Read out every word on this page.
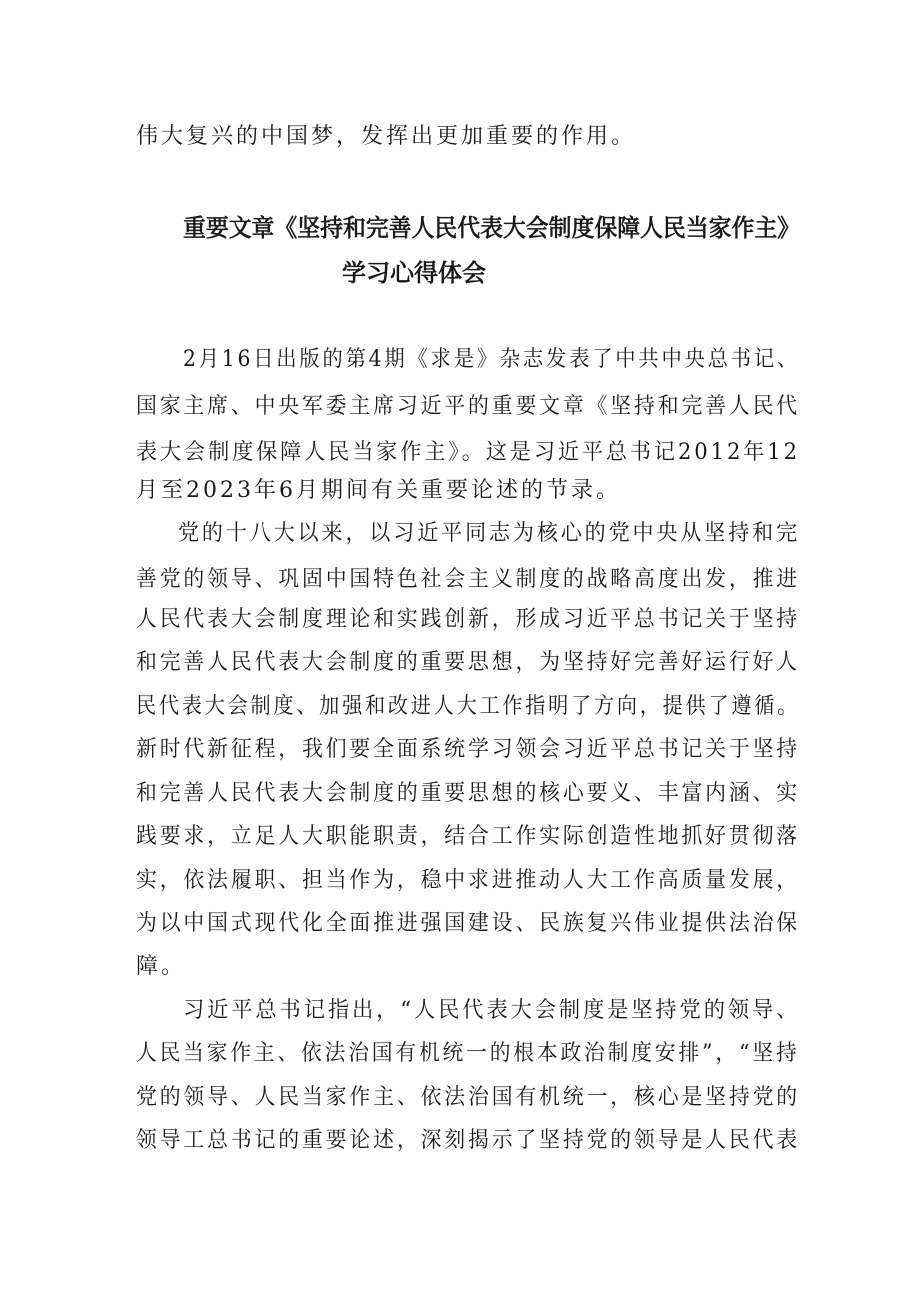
伟大复兴的中国梦，发挥出更加重要的作用。
重要文章《坚持和完善人民代表大会制度保障人民当家作主》
学习心得体会
2月16日出版的第4期《求是》杂志发表了中共中央总书记、
国家主席、中央军委主席习近平的重要文章《坚持和完善人民代
表大会制度保障人民当家作主》。这是习近平总书记2012年12
月至2023年6月期间有关重要论述的节录。
党的十八大以来，以习近平同志为核心的党中央从坚持和完
善党的领导、巩固中国特色社会主义制度的战略高度出发，推进
人民代表大会制度理论和实践创新，形成习近平总书记关于坚持
和完善人民代表大会制度的重要思想，为坚持好完善好运行好人
民代表大会制度、加强和改进人大工作指明了方向，提供了遵循。
新时代新征程，我们要全面系统学习领会习近平总书记关于坚持
和完善人民代表大会制度的重要思想的核心要义、丰富内涵、实
践要求，立足人大职能职责，结合工作实际创造性地抓好贯彻落
实，依法履职、担当作为，稳中求进推动人大工作高质量发展，
为以中国式现代化全面推进强国建设、民族复兴伟业提供法治保
障。
习近平总书记指出，“人民代表大会制度是坚持党的领导、
人民当家作主、依法治国有机统一的根本政治制度安排”，“坚持
党的领导、人民当家作主、依法治国有机统一，核心是坚持党的
领导工总书记的重要论述，深刻揭示了坚持党的领导是人民代表
